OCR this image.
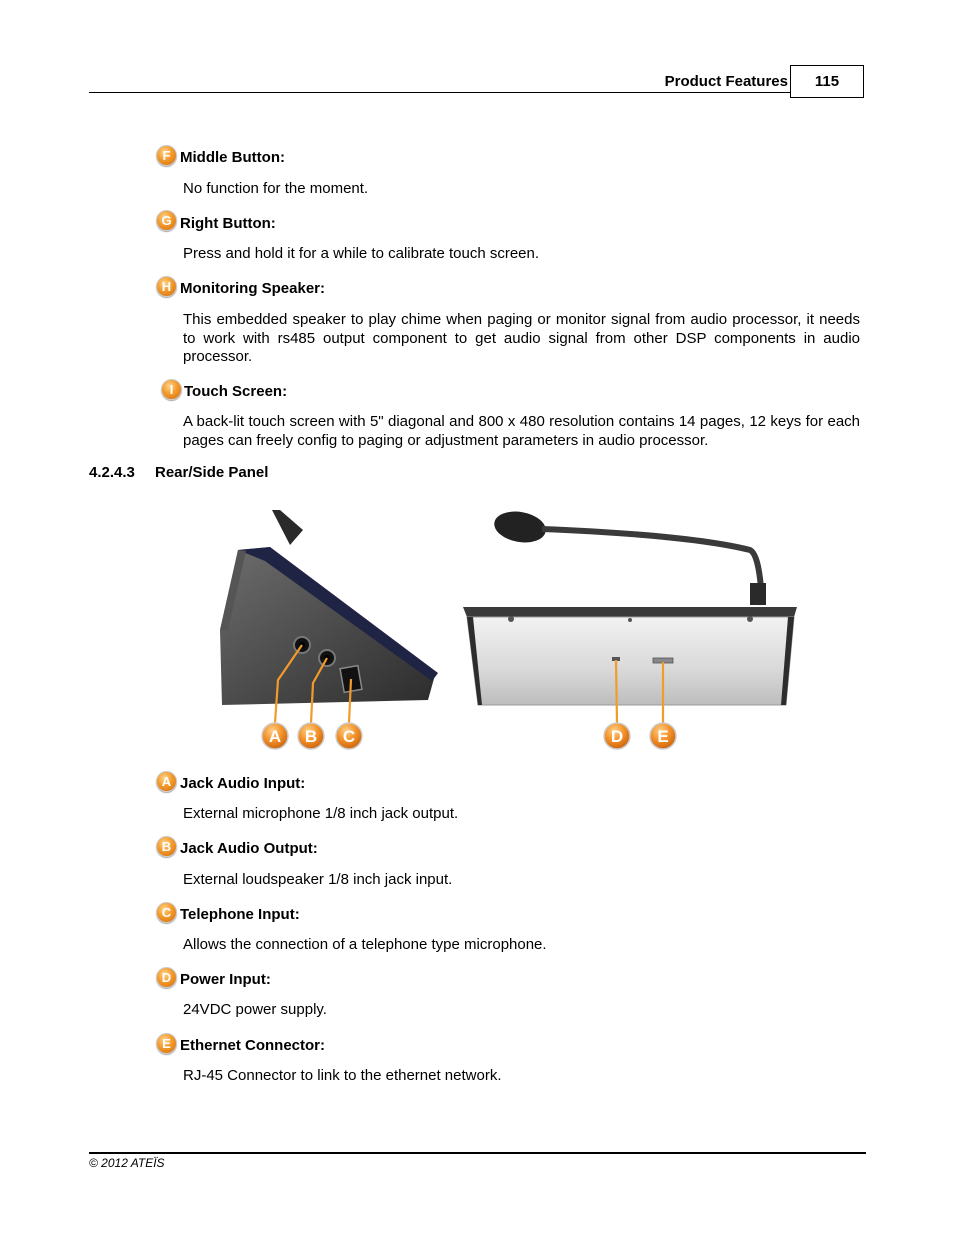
Product Features	115
F Middle Button:
No function for the moment.
G Right Button:
Press and hold it for a while to calibrate touch screen.
H Monitoring Speaker:
This embedded speaker to play chime when paging or monitor signal from audio processor, it needs to work with rs485 output component to get audio signal from other DSP components in audio processor.
I Touch Screen:
A back-lit touch screen with 5" diagonal and 800 x 480 resolution contains 14 pages, 12 keys for each pages can freely config to paging or adjustment parameters in audio processor.
4.2.4.3 Rear/Side Panel
A B C	D E
A Jack Audio Input:
External microphone 1/8 inch jack output.
B Jack Audio Output:
External loudspeaker 1/8 inch jack input.
C Telephone Input:
Allows the connection of a telephone type microphone.
D Power Input:
24VDC power supply.
E Ethernet Connector:
RJ-45 Connector to link to the ethernet network.
© 2012 ATEÏS
